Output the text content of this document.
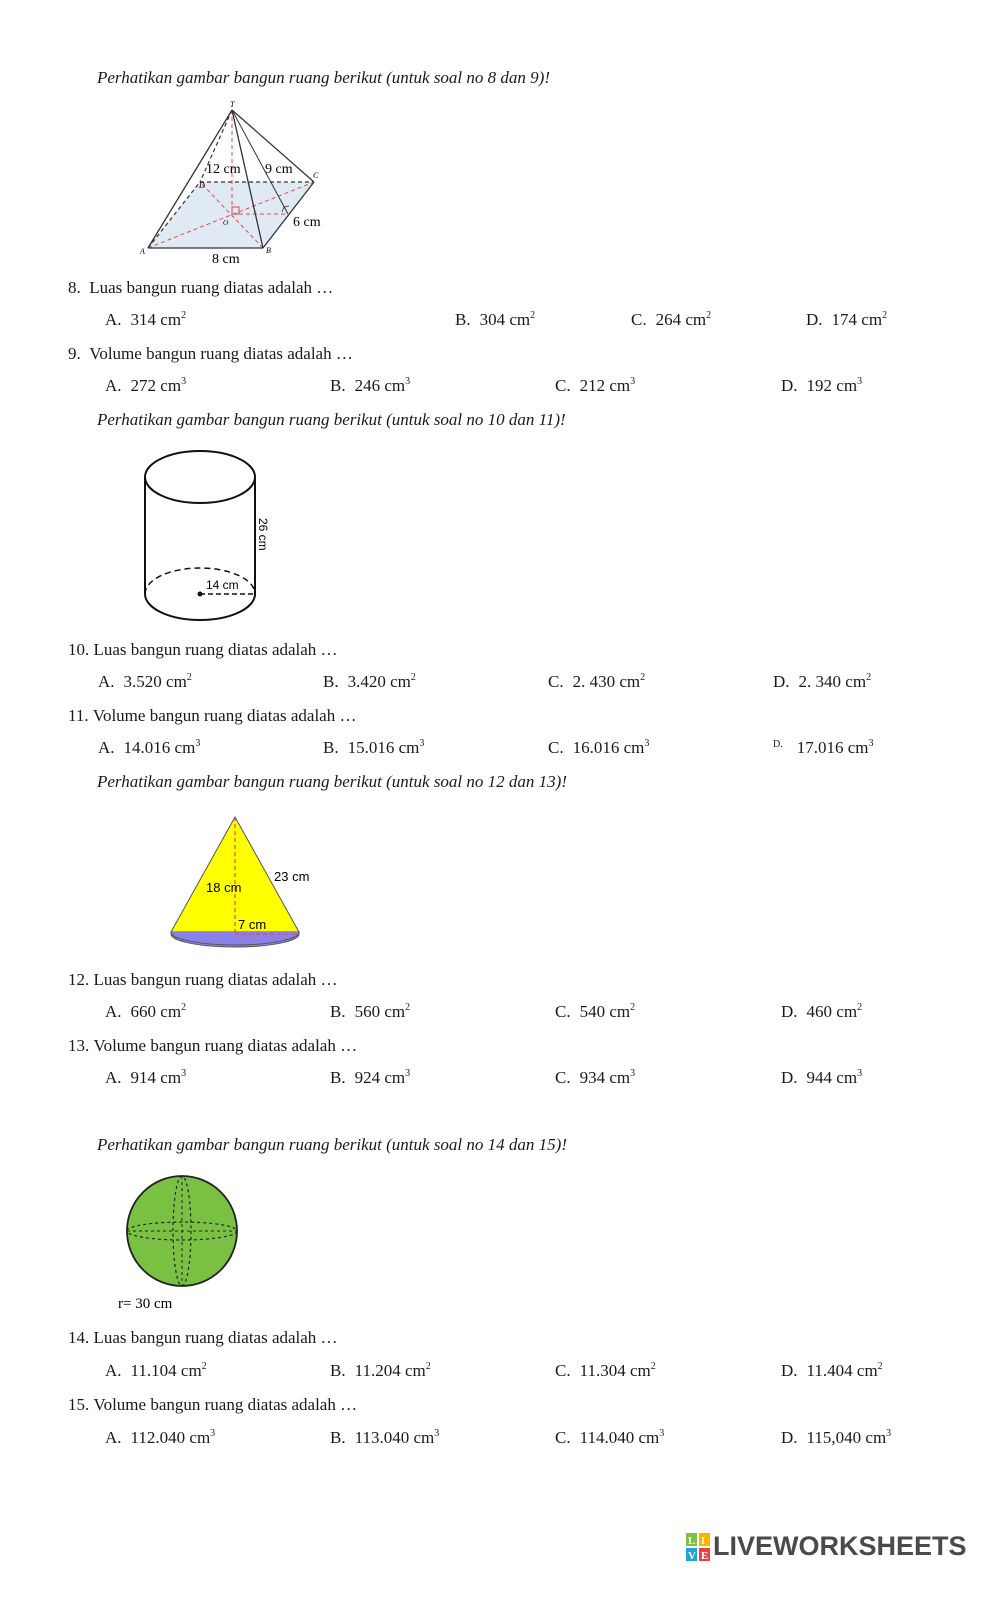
Perhatikan gambar bangun ruang berikut (untuk soal no 8 dan 9)!
T
D
C
O
A	B
12 cm 9 cm
6 cm
8 cm
8. Luas bangun ruang diatas adalah …
A. 314 $cm^2$	B. 304 $cm^2$	C. 264 $cm^2$	D. 174 $cm^2$
9. Volume bangun ruang diatas adalah …
A. 272 $cm^3$	B. 246 $cm^3$	C. 212 $cm^3$	D. 192 $cm^3$
Perhatikan gambar bangun ruang berikut (untuk soal no 10 dan 11)!
14 cm
26 cm
10. Luas bangun ruang diatas adalah …
A. 3.520 $cm^2$	B. 3.420 $cm^2$	C. 2. 430 $cm^2$	D. 2. 340 $cm^2$
11. Volume bangun ruang diatas adalah …
A. 14.016 $cm^3$	B. 15.016 $cm^3$	C. 16.016 $cm^3$	$^{D.}$ 17.016 $cm^3$
Perhatikan gambar bangun ruang berikut (untuk soal no 12 dan 13)!
18 cm
23 cm
7 cm
12. Luas bangun ruang diatas adalah …
A. 660 $cm^2$	B. 560 $cm^2$	C. 540 $cm^2$	D. 460 $cm^2$
13. Volume bangun ruang diatas adalah …
A. 914 $cm^3$	B. 924 $cm^3$	C. 934 $cm^3$	D. 944 $cm^3$
Perhatikan gambar bangun ruang berikut (untuk soal no 14 dan 15)!
r= 30 cm
14. Luas bangun ruang diatas adalah …
A. 11.104 $cm^2$	B. 11.204 $cm^2$	C. 11.304 $cm^2$	D. 11.404 $cm^2$
15. Volume bangun ruang diatas adalah …
A. 112.040 $cm^3$	B. 113.040 $cm^3$	C. 114.040 $cm^3$	D. 115,040 $cm^3$
L I
V E LIVEWORKSHEETS
